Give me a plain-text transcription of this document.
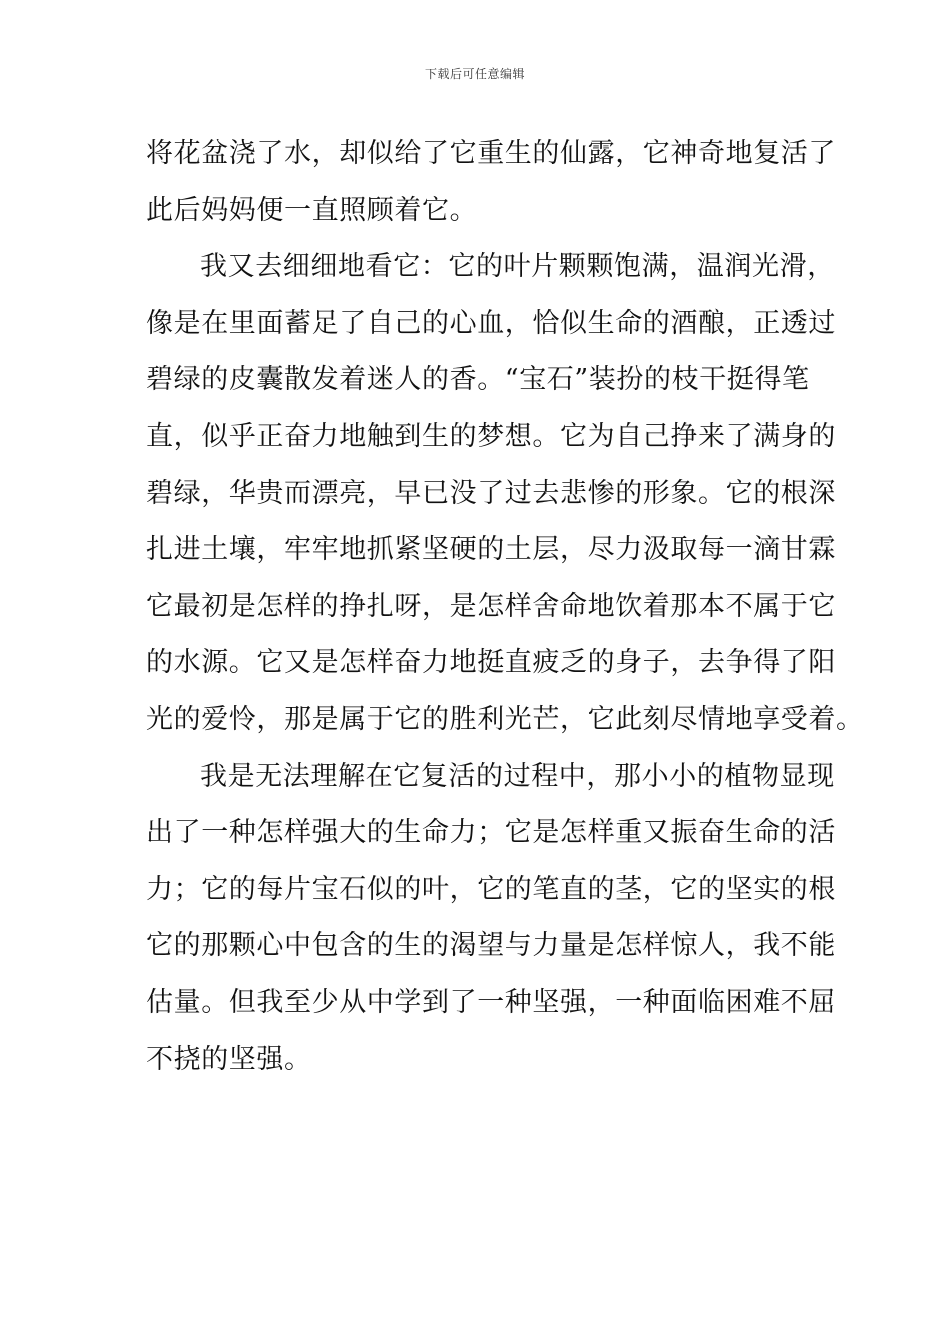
下载后可任意编辑
将花盆浇了水，却似给了它重生的仙露，它神奇地复活了
此后妈妈便一直照顾着它。
我又去细细地看它：它的叶片颗颗饱满，温润光滑，
像是在里面蓄足了自己的心血，恰似生命的酒酿，正透过
碧绿的皮囊散发着迷人的香。“宝石”装扮的枝干挺得笔
直，似乎正奋力地触到生的梦想。它为自己挣来了满身的
碧绿，华贵而漂亮，早已没了过去悲惨的形象。它的根深
扎进土壤，牢牢地抓紧坚硬的土层，尽力汲取每一滴甘霖
它最初是怎样的挣扎呀，是怎样舍命地饮着那本不属于它
的水源。它又是怎样奋力地挺直疲乏的身子，去争得了阳
光的爱怜，那是属于它的胜利光芒，它此刻尽情地享受着。
我是无法理解在它复活的过程中，那小小的植物显现
出了一种怎样强大的生命力；它是怎样重又振奋生命的活
力；它的每片宝石似的叶，它的笔直的茎，它的坚实的根
它的那颗心中包含的生的渴望与力量是怎样惊人，我不能
估量。但我至少从中学到了一种坚强，一种面临困难不屈
不挠的坚强。
